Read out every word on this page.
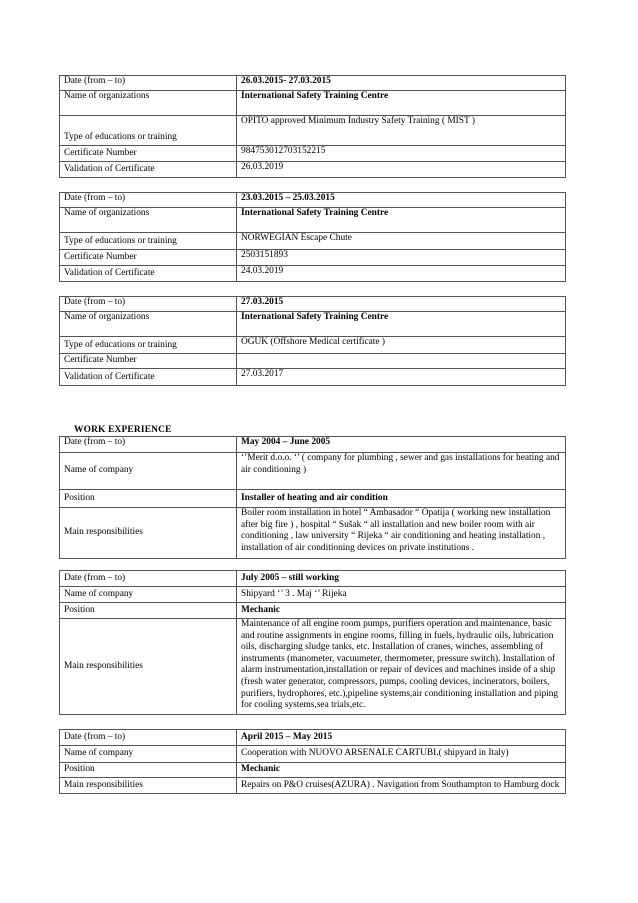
Date (from – to)	26.03.2015- 27.03.2015
Name of organizations	International Safety Training Centre
Type of educations or training	OPITO approved Minimum Industry Safety Training ( MIST )
Certificate Number	984753012703152215
Validation of Certificate	26.03.2019
Date (from – to)	23.03.2015 – 25.03.2015
Name of organizations	International Safety Training Centre
Type of educations or training	NORWEGIAN Escape Chute
Certificate Number	2503151893
Validation of Certificate	24.03.2019
Date (from – to)	27.03.2015
Name of organizations	International Safety Training Centre
Type of educations or training	OGUK (Offshore Medical certificate )
Certificate Number	
Validation of Certificate	27.03.2017
WORK EXPERIENCE
Date (from – to)	May 2004 – June 2005
Name of company	‘’Merit d.o.o. ‘’ ( company for plumbing , sewer and gas installations for heating and air conditioning )
Position	Installer of heating and air condition
Main responsibilities	Boiler room installation in hotel “ Ambasador “ Opatija ( working new installation after big fire ) , hospital “ Sušak “ all installation and new boiler room with air conditioning , law university “ Rijeka “ air conditioning and heating installation , installation of air conditioning devices on private institutions .
Date (from – to)	July 2005 – still working
Name of company	Shipyard ‘’ 3 . Maj ‘’ Rijeka
Position	Mechanic
Main responsibilities	Maintenance of all engine room pumps, purifiers operation and maintenance, basic and routine assignments in engine rooms, filling in fuels, hydraulic oils, lubrication oils, discharging sludge tanks, etc. Installation of cranes, winches, assembling of instruments (manometer, vacuumeter, thermometer, pressure switch). Installation of alarm instrumentation,installation or repair of devices and machines inside of a ship (fresh water generator, compressors, pumps, cooling devices, incinerators, boilers, purifiers, hydrophores, etc.),pipeline systems,air conditioning installation and piping for cooling systems,sea trials,etc.
Date (from – to)	April 2015 – May 2015
Name of company	Cooperation with NUOVO ARSENALE CARTUBI.( shipyard in Italy)
Position	Mechanic
Main responsibilities	Repairs on P&O cruises(AZURA) . Navigation from Southampton to Hamburg dock
